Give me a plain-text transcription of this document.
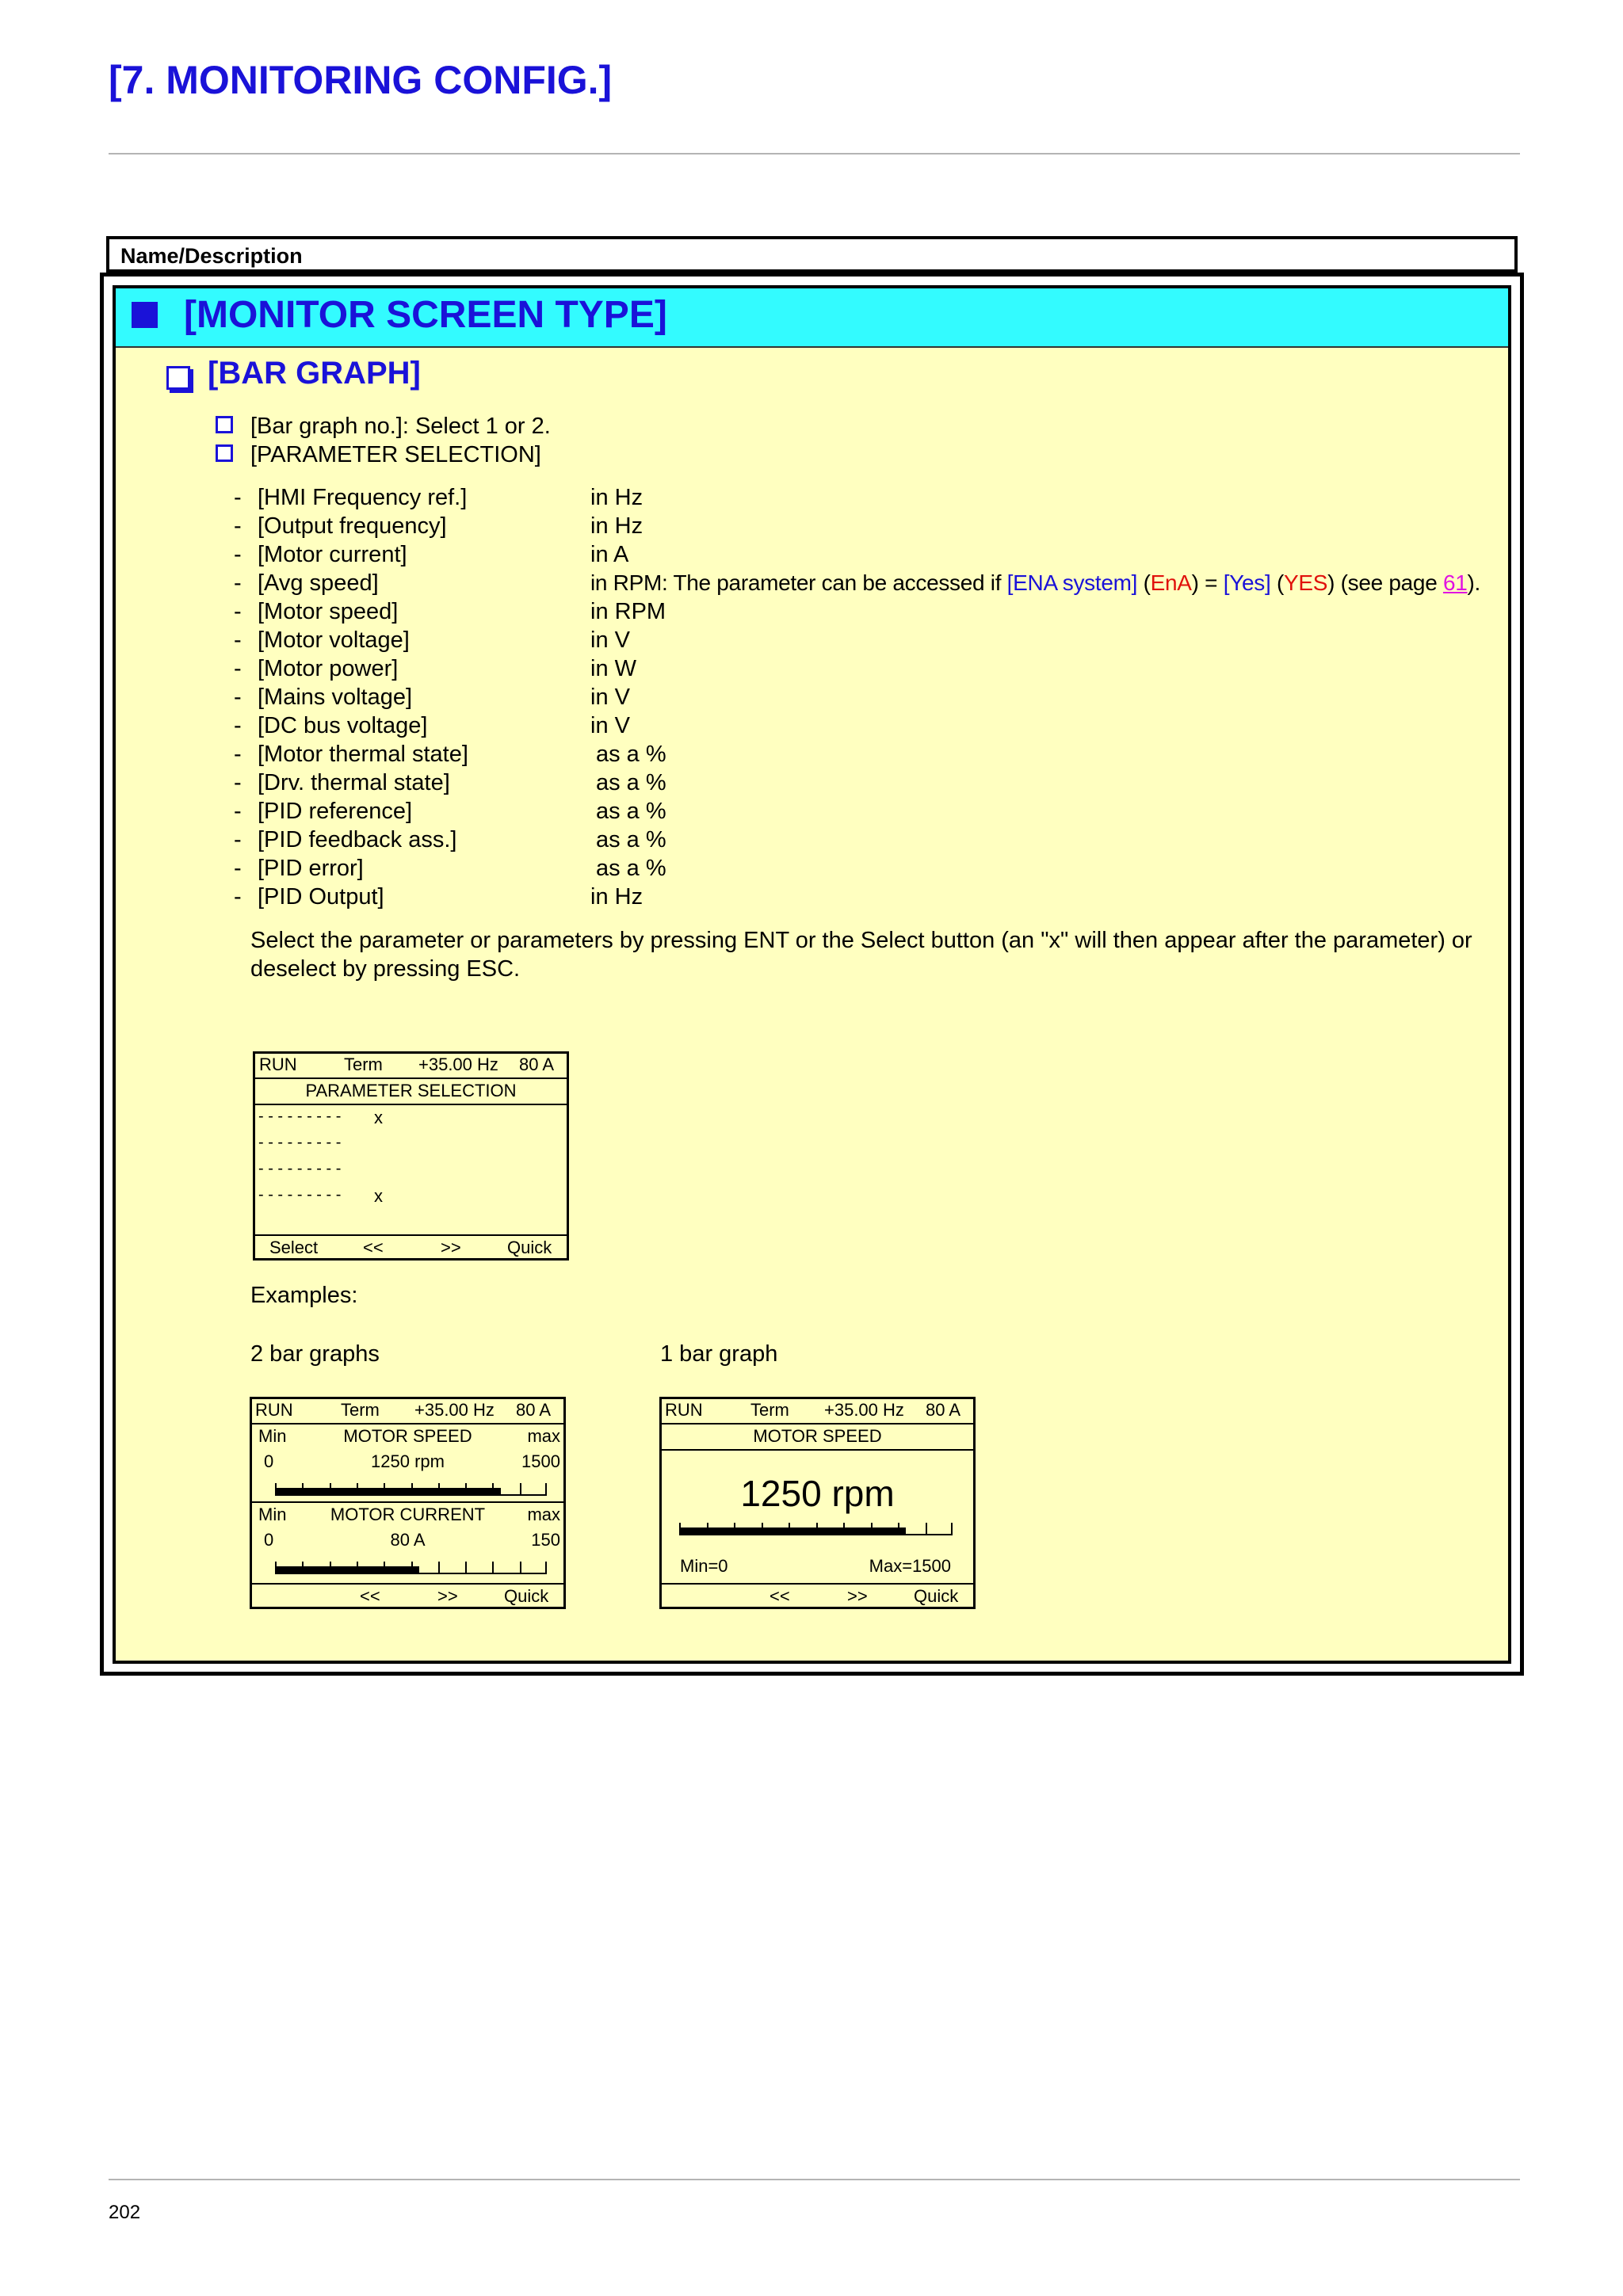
[7. MONITORING CONFIG.]
Name/Description
[MONITOR SCREEN TYPE]
[BAR GRAPH]
[Bar graph no.]: Select 1 or 2.
[PARAMETER SELECTION]
- [HMI Frequency ref.]	in Hz
- [Output frequency]	in Hz
- [Motor current]	in A
- [Avg speed]	in RPM: The parameter can be accessed if [ENA system] (EnA) = [Yes] (YES) (see page 61).
- [Motor speed]	in RPM
- [Motor voltage]	in V
- [Motor power]	in W
- [Mains voltage]	in V
- [DC bus voltage]	in V
- [Motor thermal state]	as a %
- [Drv. thermal state]	as a %
- [PID reference]	as a %
- [PID feedback ass.]	as a %
- [PID error]	as a %
- [PID Output]	in Hz
Select the parameter or parameters by pressing ENT or the Select button (an "x" will then appear after the parameter) or
deselect by pressing ESC.
RUN	Term +35.00 Hz 80 A
PARAMETER SELECTION
- - - - - - - - - x
- - - - - - - - -
- - - - - - - - -
- - - - - - - - - x
Select	<<	>>	Quick
Examples:
2 bar graphs	1 bar graph
RUN	Term +35.00 Hz 80 A
Min	MOTOR SPEED	max
0	1250 rpm	1500
Min	MOTOR CURRENT	max
0	80 A	150
<<	>>	Quick
RUN	Term +35.00 Hz 80 A
MOTOR SPEED
1250 rpm
Min=0	Max=1500
<<	>>	Quick
202
